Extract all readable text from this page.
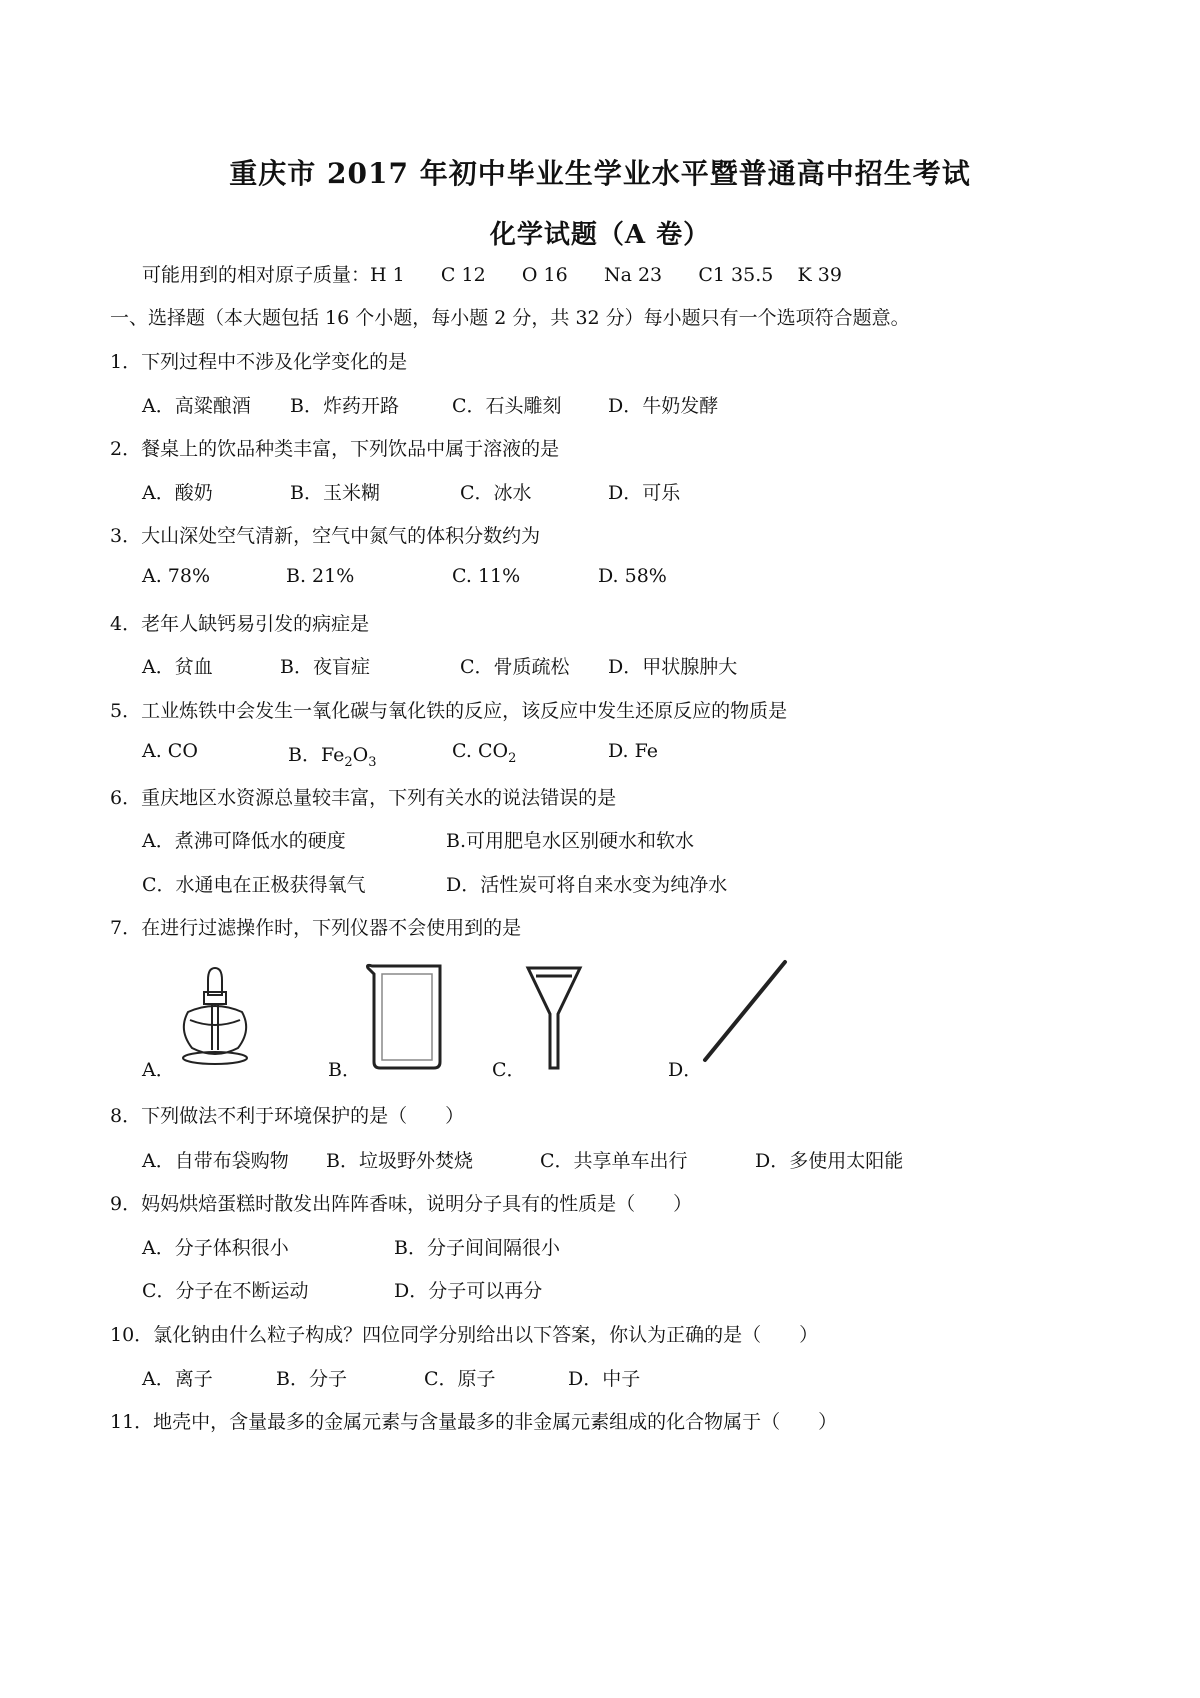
重庆市 2017 年初中毕业生学业水平暨普通高中招生考试
化学试题（A 卷）
可能用到的相对原子质量：H 1      C 12      O 16      Na 23      C1 35.5    K 39
一、选择题（本大题包括 16 个小题，每小题 2 分，共 32 分）每小题只有一个选项符合题意。
1．下列过程中不涉及化学变化的是
A．高粱酿酒 B．炸药开路	C．石头雕刻 D．牛奶发酵
2．餐桌上的饮品种类丰富，下列饮品中属于溶液的是
A．酸奶	B．玉米糊	C．冰水	D．可乐
3．大山深处空气清新，空气中氮气的体积分数约为
A. 78%	B. 21%	C. 11%	D. 58%
4．老年人缺钙易引发的病症是
A．贫血	B．夜盲症	C．骨质疏松 D．甲状腺肿大
5．工业炼铁中会发生一氧化碳与氧化铁的反应，该反应中发生还原反应的物质是
A. CO	B．$Fe_2O_3$
C. $CO_2$	D. Fe
6．重庆地区水资源总量较丰富，下列有关水的说法错误的是
A．煮沸可降低水的硬度	B.可用肥皂水区别硬水和软水
C．水通电在正极获得氧气	D．活性炭可将自来水变为纯净水
7．在进行过滤操作时，下列仪器不会使用到的是
A．	B．	C．	D．
8．下列做法不利于环境保护的是（　　）
A．自带布袋购物 B．垃圾野外焚烧	C．共享单车出行	D．多使用太阳能
9．妈妈烘焙蛋糕时散发出阵阵香味，说明分子具有的性质是（　　）
A．分子体积很小	B．分子间间隔很小
C．分子在不断运动	D．分子可以再分
10．氯化钠由什么粒子构成？四位同学分别给出以下答案，你认为正确的是（　　）
A．离子	B．分子	C．原子	D．中子
11．地壳中，含量最多的金属元素与含量最多的非金属元素组成的化合物属于（　　）
